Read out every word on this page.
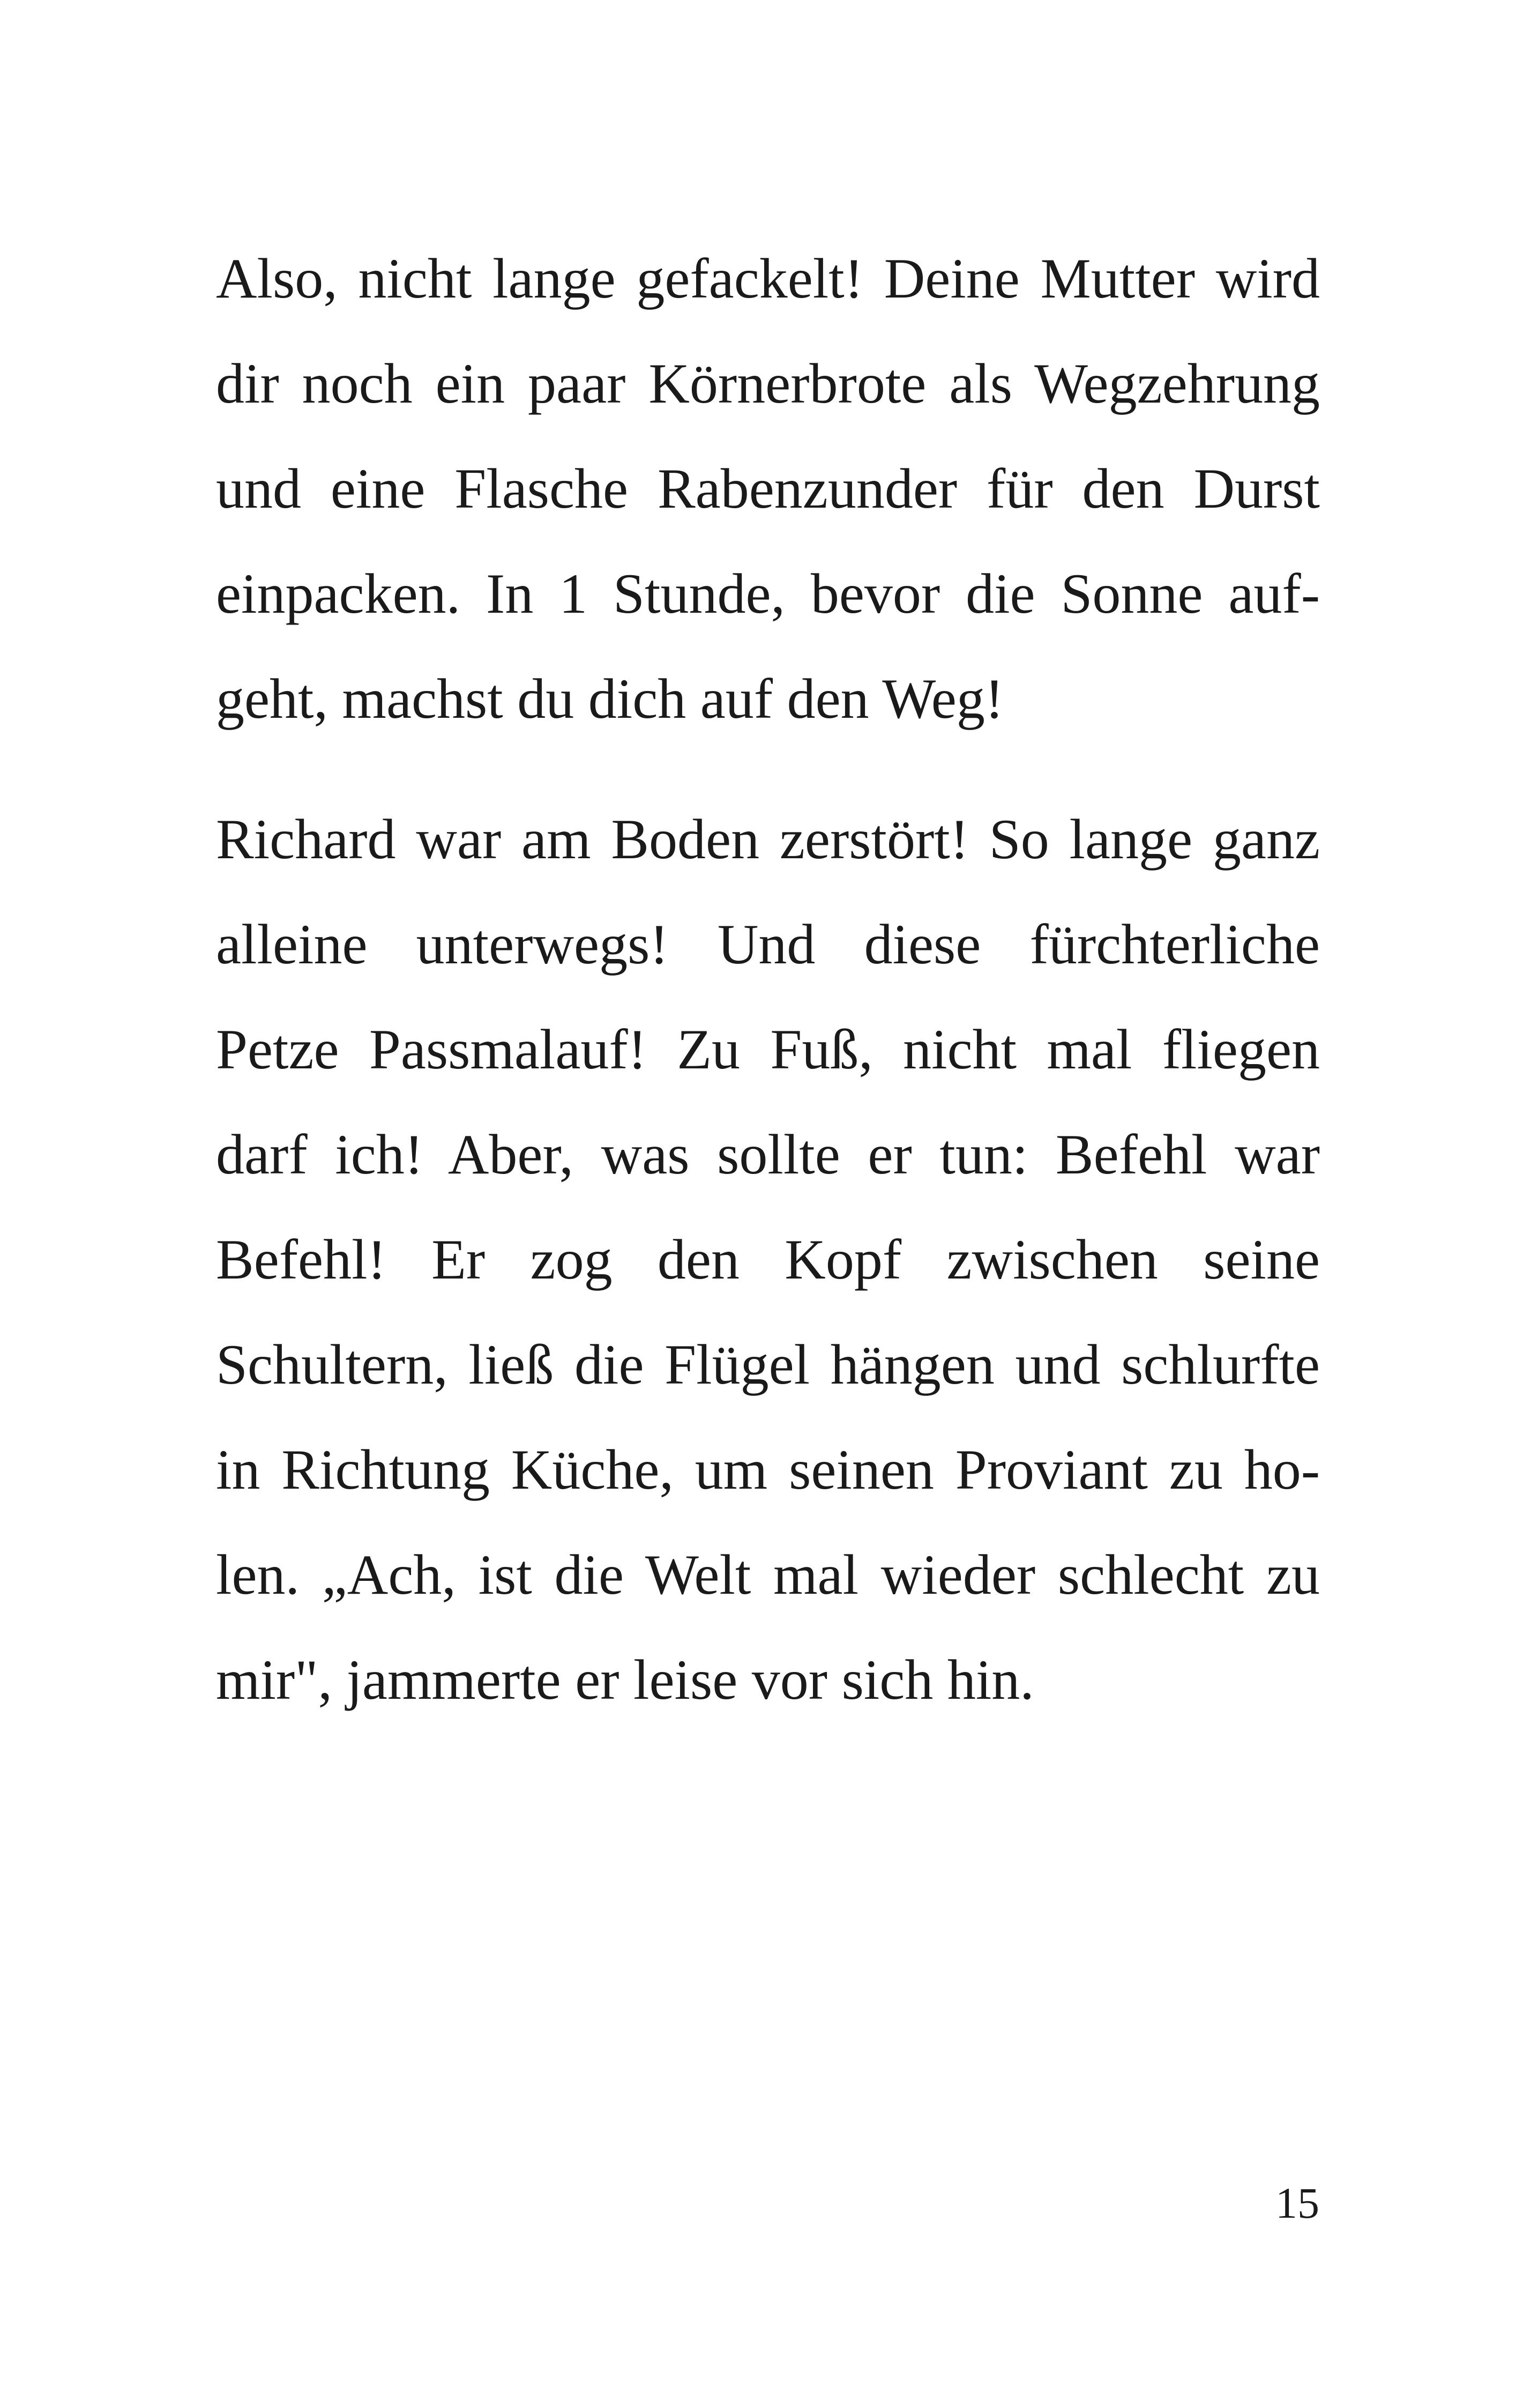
Also, nicht lange gefackelt! Deine Mutter wird
dir noch ein paar Körnerbrote als Wegzehrung
und eine Flasche Rabenzunder für den Durst
einpacken. In 1 Stunde, bevor die Sonne auf-
geht, machst du dich auf den Weg!
Richard war am Boden zerstört! So lange ganz
alleine unterwegs! Und diese fürchterliche
Petze Passmalauf! Zu Fuß, nicht mal fliegen
darf ich! Aber, was sollte er tun: Befehl war
Befehl! Er zog den Kopf zwischen seine
Schultern, ließ die Flügel hängen und schlurfte
in Richtung Küche, um seinen Proviant zu ho-
len. „Ach, ist die Welt mal wieder schlecht zu
mir", jammerte er leise vor sich hin.
15
